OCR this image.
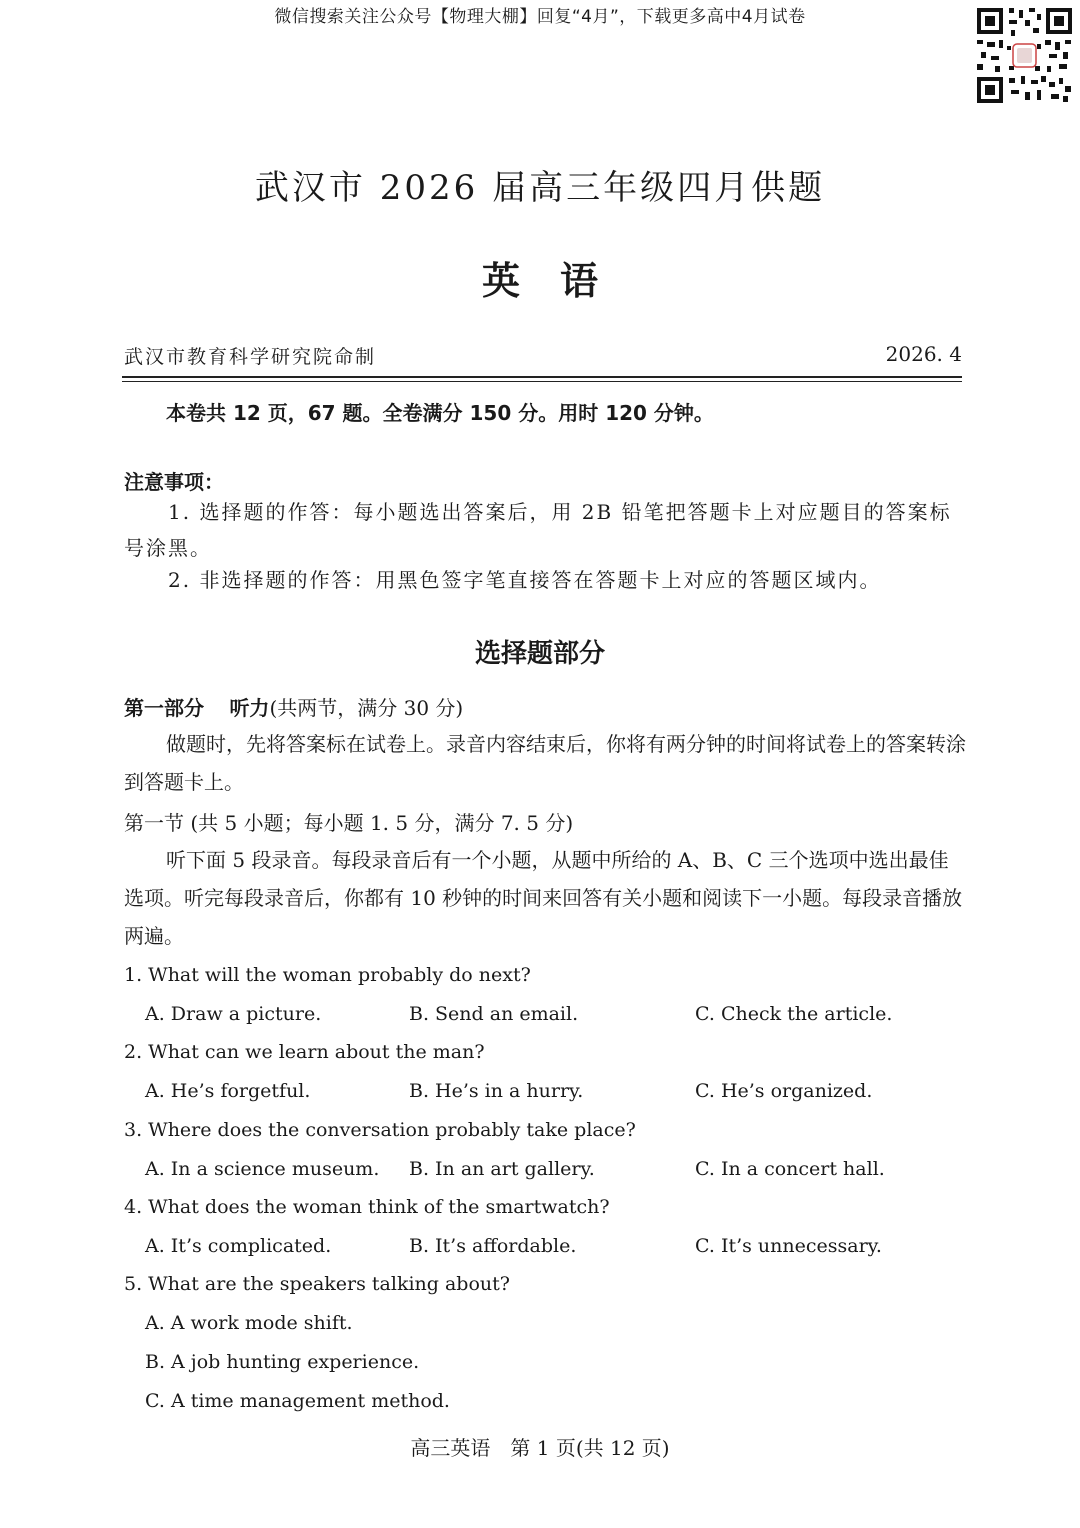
微信搜索关注公众号【物理大棚】回复“4月”，下载更多高中4月试卷
武汉市 2026 届高三年级四月供题
英语
武汉市教育科学研究院命制	2026. 4
本卷共 12 页，67 题。全卷满分 150 分。用时 120 分钟。
注意事项：
1. 选择题的作答：每小题选出答案后，用 2B 铅笔把答题卡上对应题目的答案标号涂黑。
2. 非选择题的作答：用黑色签字笔直接答在答题卡上对应的答题区域内。
选择题部分
第一部分 听力(共两节，满分 30 分)
做题时，先将答案标在试卷上。录音内容结束后，你将有两分钟的时间将试卷上的答案转涂到答题卡上。
第一节 (共 5 小题；每小题 1. 5 分，满分 7. 5 分)
听下面 5 段录音。每段录音后有一个小题，从题中所给的 A、B、C 三个选项中选出最佳选项。听完每段录音后，你都有 10 秒钟的时间来回答有关小题和阅读下一小题。每段录音播放两遍。
1. What will the woman probably do next?
A. Draw a picture.	B. Send an email.	C. Check the article.
2. What can we learn about the man?
A. He’s forgetful.	B. He’s in a hurry.	C. He’s organized.
3. Where does the conversation probably take place?
A. In a science museum. B. In an art gallery.	C. In a concert hall.
4. What does the woman think of the smartwatch?
A. It’s complicated.	B. It’s affordable.	C. It’s unnecessary.
5. What are the speakers talking about?
A. A work mode shift.
B. A job hunting experience.
C. A time management method.
高三英语　第 1 页(共 12 页)
